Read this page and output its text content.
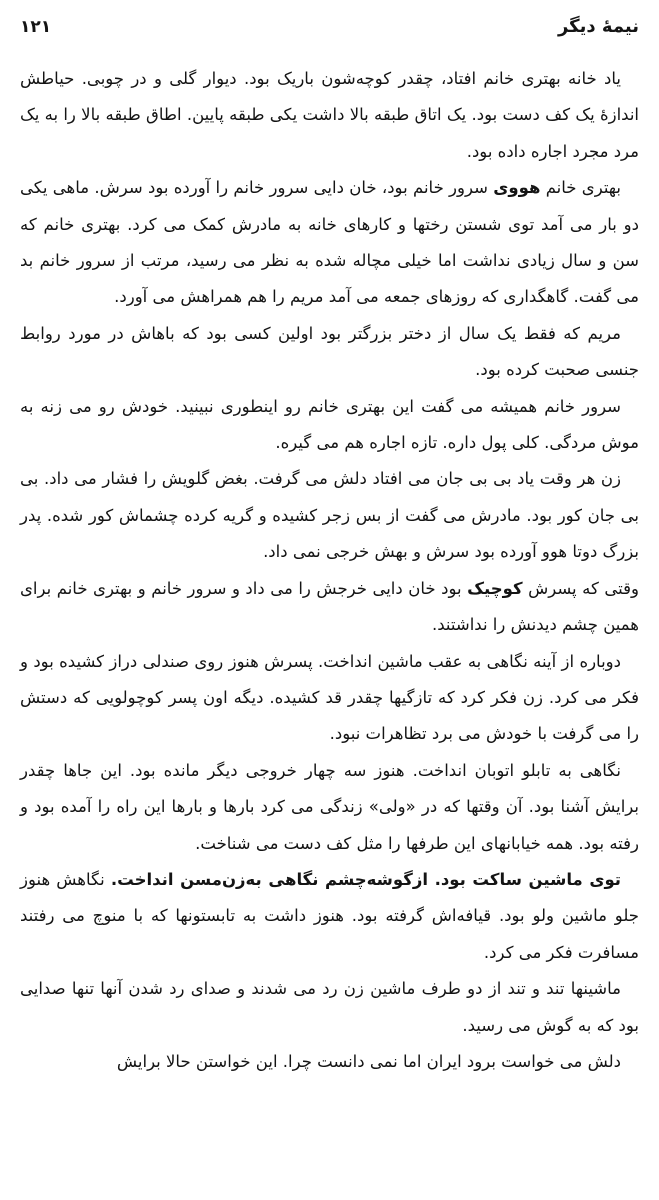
نیمهٔ دیگر
۱۲۱

یاد خانه بهتری خانم افتاد، چقدر کوچه‌شون باریک بود. دیوار گلی و در چوبی. حیاطش اندازهٔ یک کف دست بود. یک اتاق طبقه بالا داشت یکی طبقه پایین. اطاق طبقه بالا را به یک مرد مجرد اجاره داده بود.

بهتری خانم هووی سرور خانم بود، خان دایی سرور خانم را آورده بود سرش. ماهی یکی دو بار می آمد توی شستن رختها و کارهای خانه به مادرش کمک می کرد. بهتری خانم که سن و سال زیادی نداشت اما خیلی مچاله شده به نظر می رسید، مرتب از سرور خانم بد می گفت. گاهگداری که روزهای جمعه می آمد مریم را هم همراهش می آورد.

مریم که فقط یک سال از دختر بزرگتر بود اولین کسی بود که باهاش در مورد روابط جنسی صحبت کرده بود.

سرور خانم همیشه می گفت این بهتری خانم رو اینطوری نبینید. خودش رو می زنه به موش مردگی. کلی پول داره. تازه اجاره هم می گیره.

زن هر وقت یاد بی بی جان می افتاد دلش می گرفت. بغض گلویش را فشار می داد. بی بی جان کور بود. مادرش می گفت از بس زجر کشیده و گریه کرده چشماش کور شده. پدر بزرگ دوتا هوو آورده بود سرش و بهش خرجی نمی داد.

وقتی که پسرش کوچیک بود خان دایی خرجش را می داد و سرور خانم و بهتری خانم برای همین چشم دیدنش را نداشتند.

دوباره از آینه نگاهی به عقب ماشین انداخت. پسرش هنوز روی صندلی دراز کشیده بود و فکر می کرد. زن فکر کرد که تازگیها چقدر قد کشیده. دیگه اون پسر کوچولویی که دستش را می گرفت با خودش می برد تظاهرات نبود.

نگاهی به تابلو اتوبان انداخت. هنوز سه چهار خروجی دیگر مانده بود. این جاها چقدر برایش آشنا بود. آن وقتها که در «ولی» زندگی می کرد بارها و بارها این راه را آمده بود و رفته بود. همه خیابانهای این طرفها را مثل کف دست می شناخت.

توی ماشین ساکت بود. ازگوشه‌چشم نگاهی به‌زن‌مسن انداخت. نگاهش هنوز جلو ماشین ولو بود. قیافه‌اش گرفته بود. هنوز داشت به تابستونها که با منوچ می رفتند مسافرت فکر می کرد.

ماشینها تند و تند از دو طرف ماشین زن رد می شدند و صدای رد شدن آنها تنها صدایی بود که به گوش می رسید.

دلش می خواست برود ایران اما نمی دانست چرا. این خواستن حالا برایش
